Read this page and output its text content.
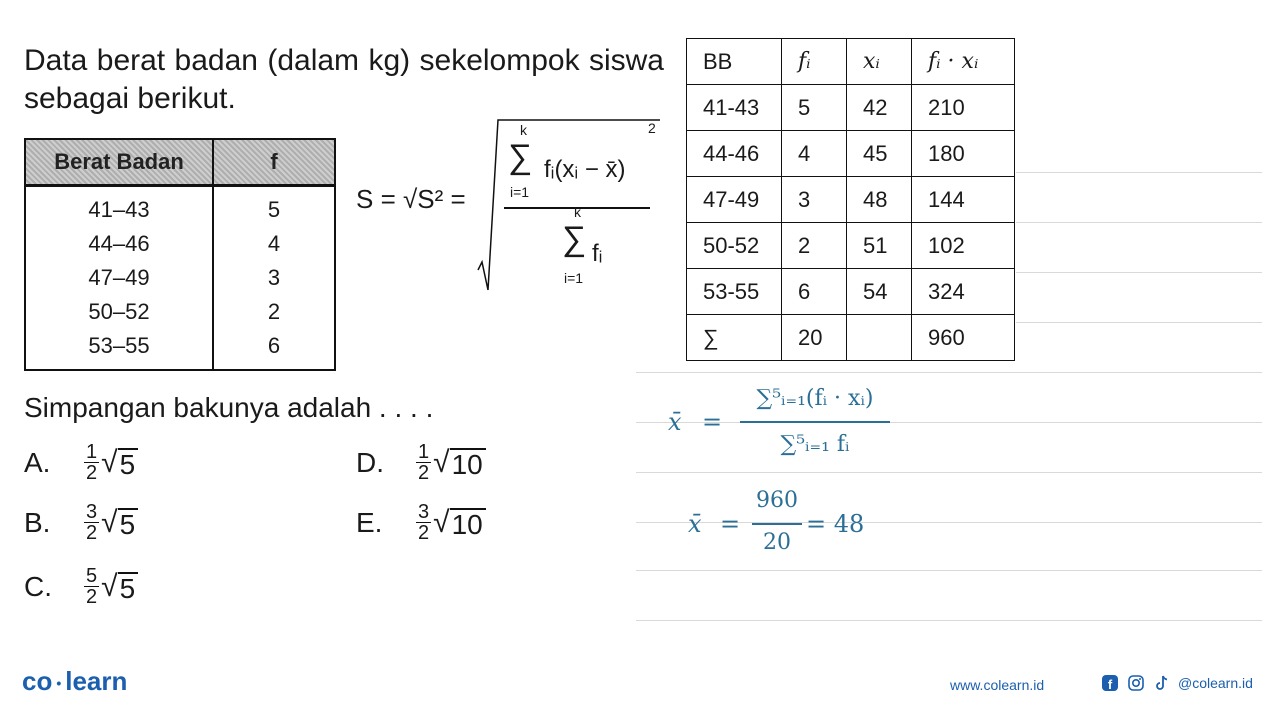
Data berat badan (dalam kg) sekelompok siswa sebagai berikut.
Berat Badan	f
41–43	5
44–46	4
47–49	3
50–52	2
53–55	6
S = √S² =
k
∑
i=1
fᵢ(xᵢ − x̄)
2
k
∑
i=1
fᵢ
BB	fᵢ	xᵢ	fᵢ · xᵢ
41-43	5	42	210
44-46	4	45	180
47-49	3	48	144
50-52	2	51	102
53-55	6	54	324
∑	20		960
Simpangan bakunya adalah . . . .
A.	$\frac{1}{2}$ √ 5
B.	$\frac{3}{2}$ √ 5
C.	$\frac{5}{2}$ √ 5
D.	$\frac{1}{2}$ √ 10
E.	$\frac{3}{2}$ √ 10
x̄ =
∑⁵ᵢ₌₁(fᵢ · xᵢ)
∑⁵ᵢ₌₁ fᵢ
x̄ =
960
20
= 48
co • learn	www.colearn.id	f	@colearn.id
